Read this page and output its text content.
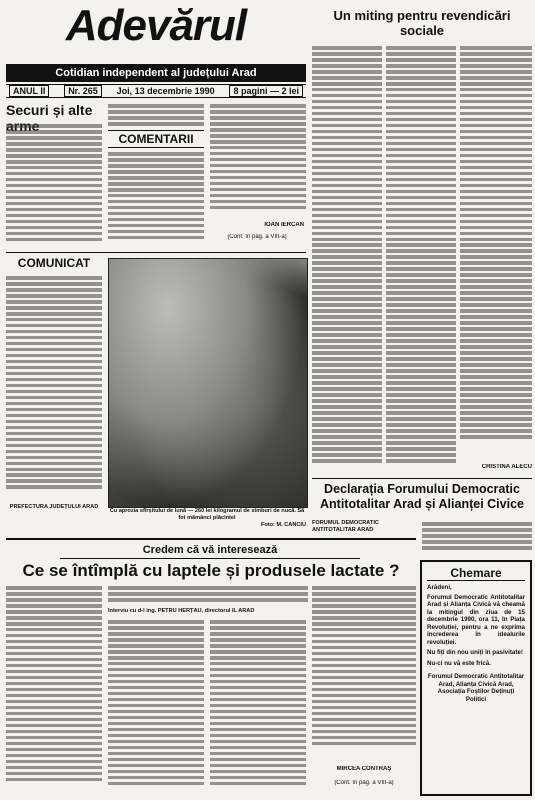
Adevărul
Cotidian independent al județului Arad
ANUL II	Nr. 265	Joi, 13 decembrie 1990	8 pagini — 2 lei
Securi și alte
COMENTARII
IOAN IERCAN
(Cont. în pag. a VIII-a)
COMUNICAT
PREFECTURA JUDEȚULUI ARAD
Cu aprozia sfîrșitului de lună — 260 lei kilogramul de sîmburi de nucă. Să fot mămânci plăcintel
Foto: M. CANCIU
Un miting pentru revendicări sociale
CRISTINA ALECU
Declarația Forumului Democratic Antitotalitar Arad și Alianței Civice
FORUMUL DEMOCRATIC ANTITOTALITAR ARAD
Credem că vă interesează
Ce se întîmplă cu laptele și produsele lactate ?
Interviu cu d-l ing. PETRU HERȚĂU, directorul IL ARAD
MIRCEA CONTRAȘ
(Cont. în pag. a VIII-a)
Chemare
Arădeni,
Forumul Democratic Antitotalitar Arad și Alianța Civică vă cheamă la mitingul din ziua de 15 decembrie 1990, ora 11, în Piața Revoluției, pentru a ne exprima încrederea în idealurile revoluției.
Nu fiți din nou uniți în pasivitate!
Nu-ci nu vă este frică.
Forumul Democratic Antitotalitar Arad, Alianța Civică Arad, Asociația Foștilor Deținuți Politici
